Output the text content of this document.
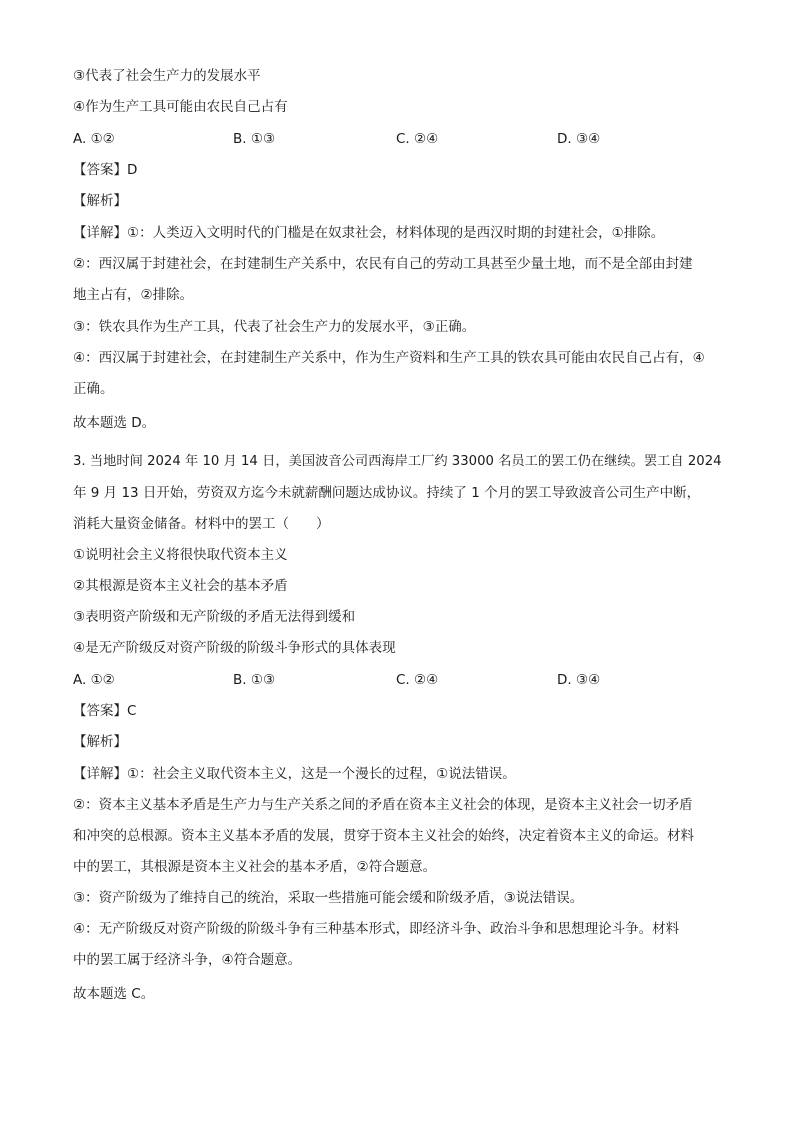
③代表了社会生产力的发展水平
④作为生产工具可能由农民自己占有
A. ①②	B. ①③	C. ②④	D. ③④
【答案】D
【解析】
【详解】①：人类迈入文明时代的门槛是在奴隶社会，材料体现的是西汉时期的封建社会，①排除。
②：西汉属于封建社会，在封建制生产关系中，农民有自己的劳动工具甚至少量土地，而不是全部由封建
地主占有，②排除。
③：铁农具作为生产工具，代表了社会生产力的发展水平，③正确。
④：西汉属于封建社会，在封建制生产关系中，作为生产资料和生产工具的铁农具可能由农民自己占有，④
正确。
故本题选 D。
3. 当地时间 2024 年 10 月 14 日，美国波音公司西海岸工厂约 33000 名员工的罢工仍在继续。罢工自 2024
年 9 月 13 日开始，劳资双方迄今未就薪酬问题达成协议。持续了 1 个月的罢工导致波音公司生产中断，
消耗大量资金储备。材料中的罢工（　　）
①说明社会主义将很快取代资本主义
②其根源是资本主义社会的基本矛盾
③表明资产阶级和无产阶级的矛盾无法得到缓和
④是无产阶级反对资产阶级的阶级斗争形式的具体表现
A. ①②	B. ①③	C. ②④	D. ③④
【答案】C
【解析】
【详解】①：社会主义取代资本主义，这是一个漫长的过程，①说法错误。
②：资本主义基本矛盾是生产力与生产关系之间的矛盾在资本主义社会的体现，是资本主义社会一切矛盾
和冲突的总根源。资本主义基本矛盾的发展，贯穿于资本主义社会的始终，决定着资本主义的命运。材料
中的罢工，其根源是资本主义社会的基本矛盾，②符合题意。
③：资产阶级为了维持自己的统治，采取一些措施可能会缓和阶级矛盾，③说法错误。
④：无产阶级反对资产阶级的阶级斗争有三种基本形式，即经济斗争、政治斗争和思想理论斗争。材料
中的罢工属于经济斗争，④符合题意。
故本题选 C。
